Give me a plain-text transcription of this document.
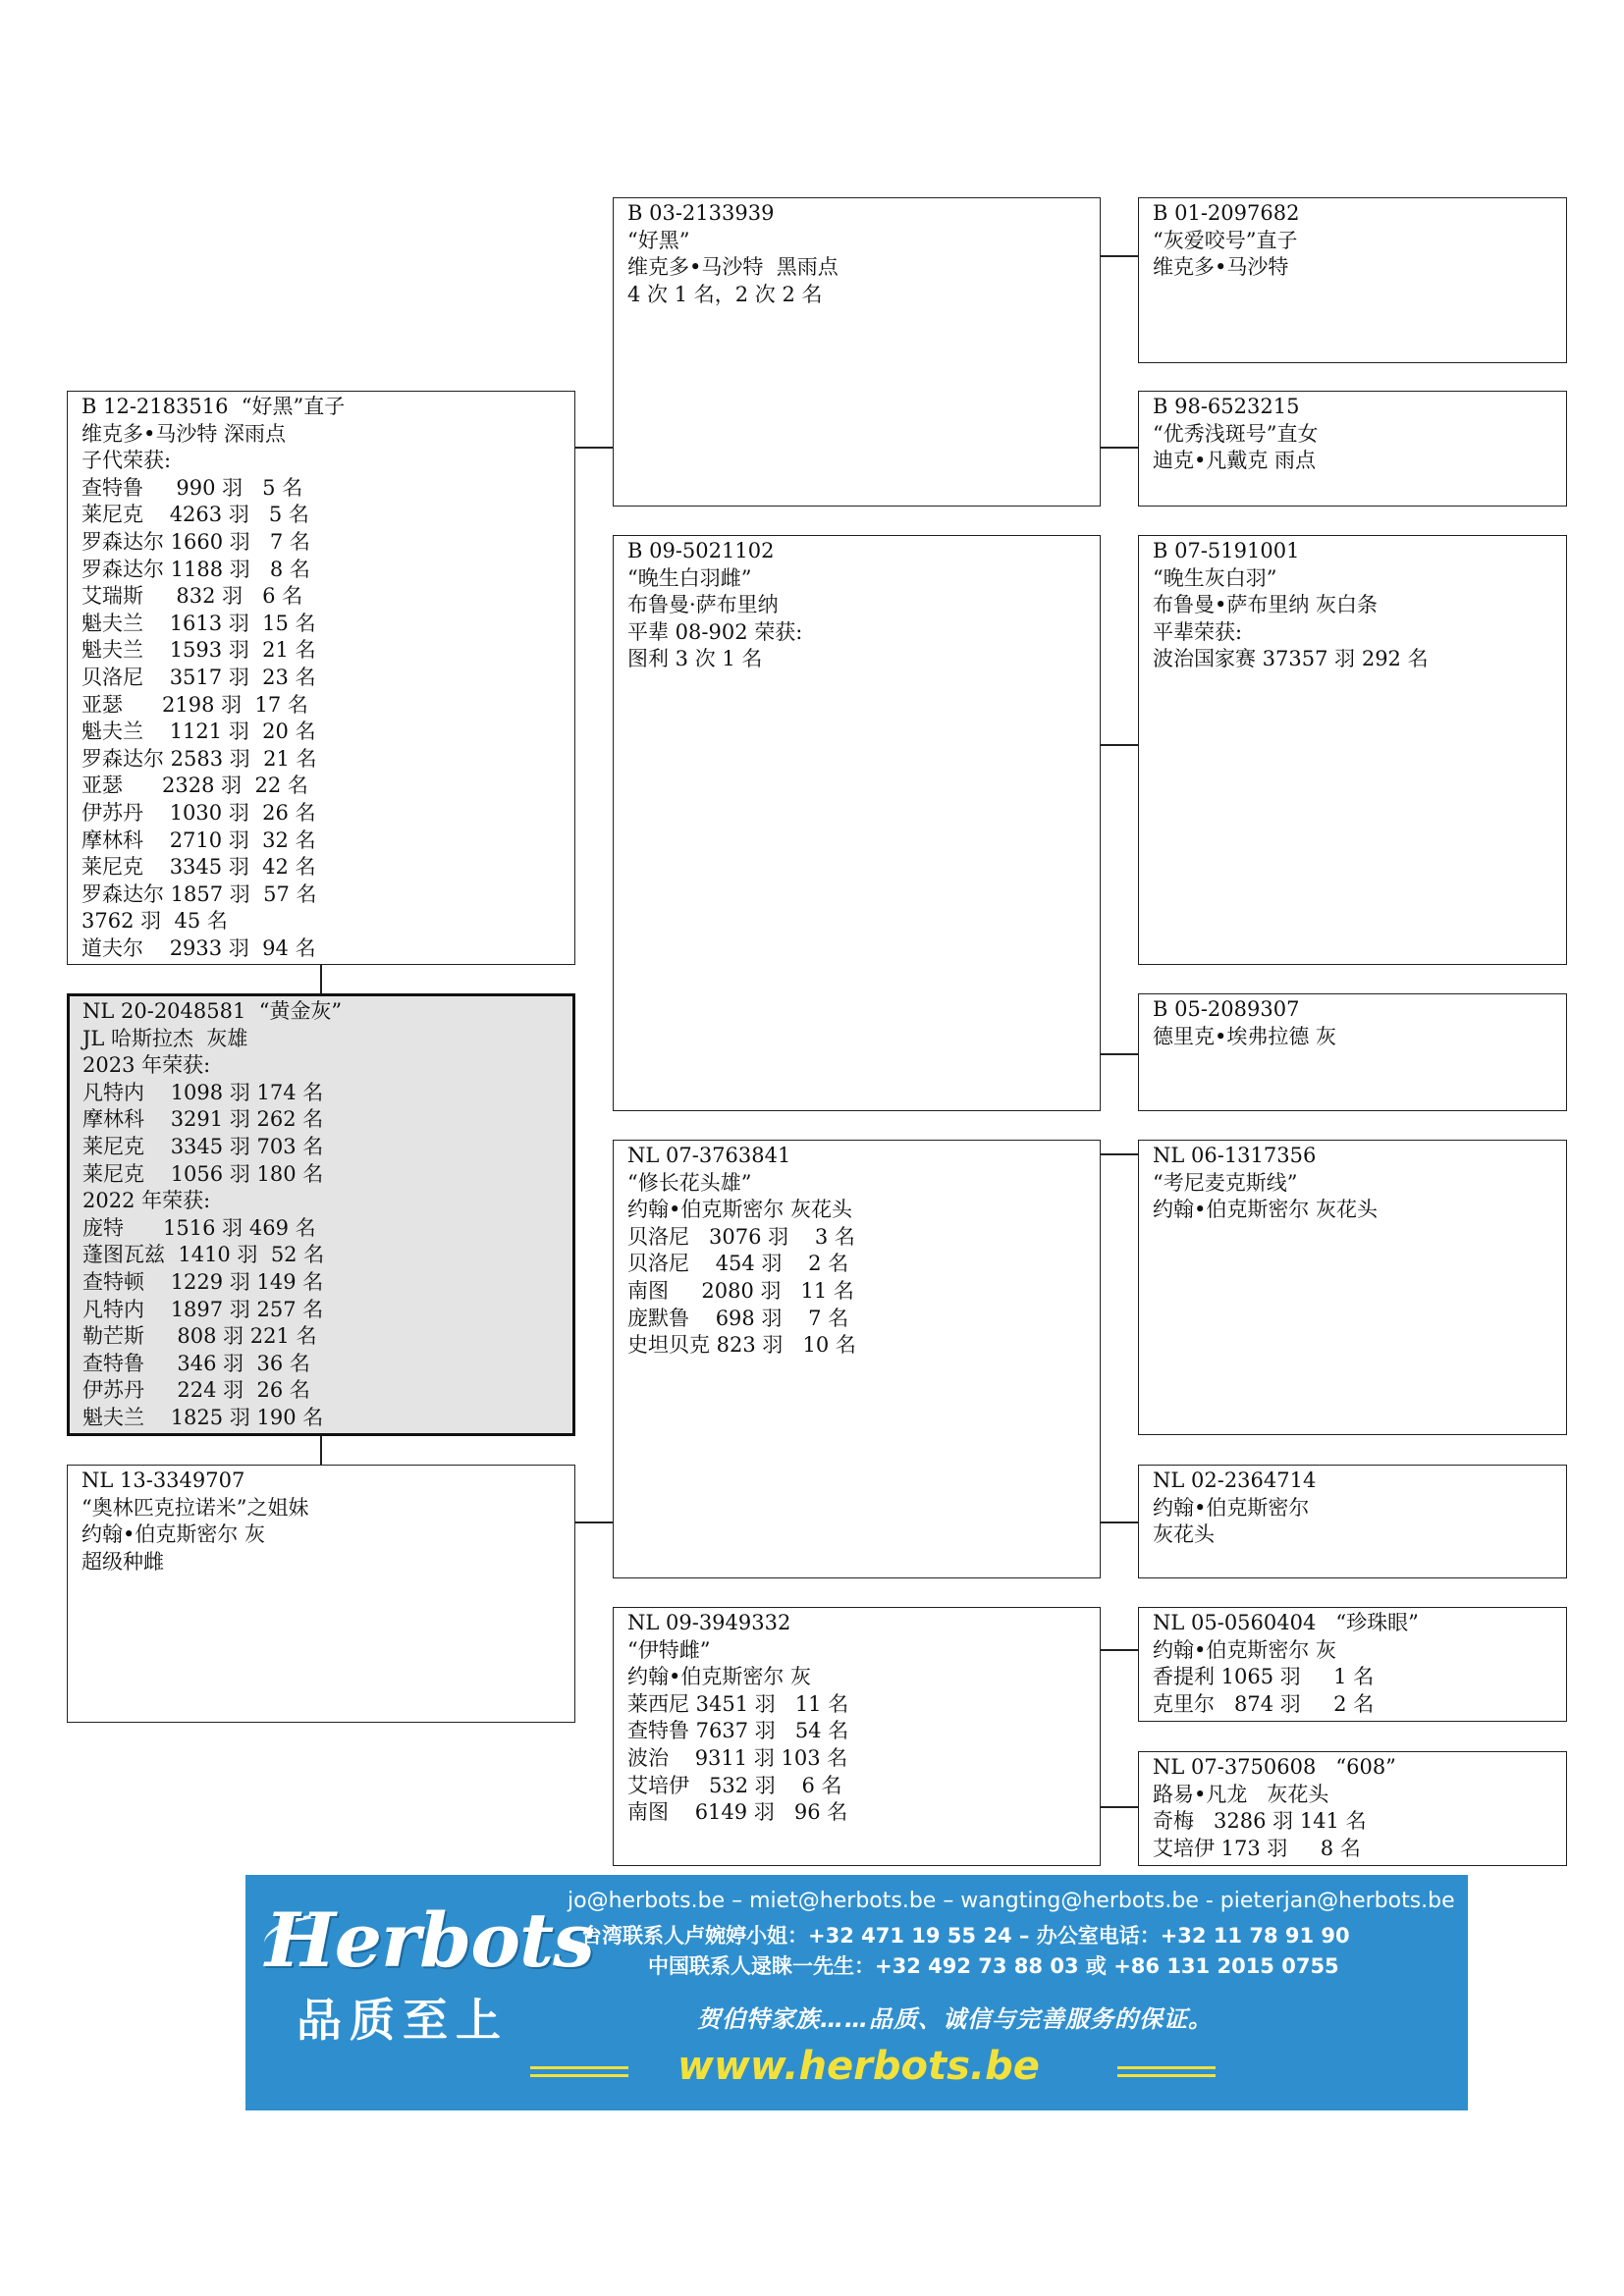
B 12-2183516  “好黑”直子
维克多•马沙特 深雨点
子代荣获:
查特鲁     990 羽   5 名
莱尼克    4263 羽   5 名
罗森达尔 1660 羽   7 名
罗森达尔 1188 羽   8 名
艾瑞斯     832 羽   6 名
魁夫兰    1613 羽  15 名
魁夫兰    1593 羽  21 名
贝洛尼    3517 羽  23 名
亚瑟      2198 羽  17 名
魁夫兰    1121 羽  20 名
罗森达尔 2583 羽  21 名
亚瑟      2328 羽  22 名
伊苏丹    1030 羽  26 名
摩林科    2710 羽  32 名
莱尼克    3345 羽  42 名
罗森达尔 1857 羽  57 名
3762 羽  45 名
道夫尔    2933 羽  94 名
NL 20-2048581  “黄金灰”
JL 哈斯拉杰  灰雄
2023 年荣获:
凡特内    1098 羽 174 名
摩林科    3291 羽 262 名
莱尼克    3345 羽 703 名
莱尼克    1056 羽 180 名
2022 年荣获:
庞特      1516 羽 469 名
蓬图瓦兹  1410 羽  52 名
查特顿    1229 羽 149 名
凡特内    1897 羽 257 名
勒芒斯     808 羽 221 名
查特鲁     346 羽  36 名
伊苏丹     224 羽  26 名
魁夫兰    1825 羽 190 名
NL 13-3349707
“奥林匹克拉诺米”之姐妹
约翰•伯克斯密尔 灰
超级种雌
B 03-2133939
“好黑”
维克多•马沙特  黑雨点
4 次 1 名，2 次 2 名
B 09-5021102
“晚生白羽雌”
布鲁曼·萨布里纳
平辈 08-902 荣获:
图利 3 次 1 名
NL 07-3763841
“修长花头雄”
约翰•伯克斯密尔 灰花头
贝洛尼   3076 羽    3 名
贝洛尼    454 羽    2 名
南图     2080 羽   11 名
庞默鲁    698 羽    7 名
史坦贝克 823 羽   10 名
NL 09-3949332
“伊特雌”
约翰•伯克斯密尔 灰
莱西尼 3451 羽   11 名
查特鲁 7637 羽   54 名
波治    9311 羽 103 名
艾培伊   532 羽    6 名
南图    6149 羽   96 名
B 01-2097682
“灰爱咬号”直子
维克多•马沙特
B 98-6523215
“优秀浅斑号”直女
迪克•凡戴克 雨点
B 07-5191001
“晚生灰白羽”
布鲁曼•萨布里纳 灰白条
平辈荣获:
波治国家赛 37357 羽 292 名
B 05-2089307
德里克•埃弗拉德 灰
NL 06-1317356
“考尼麦克斯线”
约翰•伯克斯密尔 灰花头
NL 02-2364714
约翰•伯克斯密尔
灰花头
NL 05-0560404   “珍珠眼”
约翰•伯克斯密尔 灰
香提利 1065 羽     1 名
克里尔   874 羽     2 名
NL 07-3750608   “608”
路易•凡龙   灰花头
奇梅   3286 羽 141 名
艾培伊 173 羽     8 名
Herbots
品质至上
jo@herbots.be – miet@herbots.be – wangting@herbots.be - pieterjan@herbots.be
台湾联系人卢婉婷小姐：+32 471 19 55 24 – 办公室电话：+32 11 78 91 90
中国联系人逯睐一先生：+32 492 73 88 03 或 +86 131 2015 0755
贺伯特家族……品质、诚信与完善服务的保证。
www.herbots.be
